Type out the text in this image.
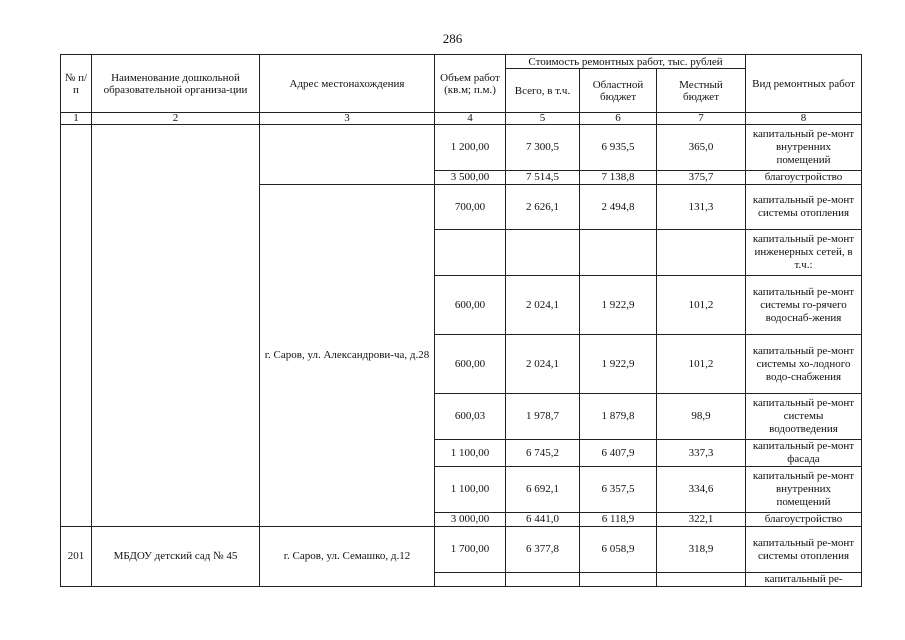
286
№ п/п	Наименование дошкольной образовательной организа-ции	Адрес местонахождения	Объем работ (кв.м; п.м.)	Стоимость ремонтных работ, тыс. рублей			Вид ремонтных работ
				Всего, в т.ч.	Областной бюджет	Местный бюджет	
1	2	3	4	5	6	7	8
			1 200,00	7 300,5	6 935,5	365,0	капитальный ре-монт внутренних помещений
			3 500,00	7 514,5	7 138,8	375,7	благоустройство
		г. Саров, ул. Александрови-ча, д.28	700,00	2 626,1	2 494,8	131,3	капитальный ре-монт системы отопления
							капитальный ре-монт инженерных сетей, в т.ч.:
			600,00	2 024,1	1 922,9	101,2	капитальный ре-монт системы го-рячего водоснаб-жения
			600,00	2 024,1	1 922,9	101,2	капитальный ре-монт системы хо-лодного водо-снабжения
			600,03	1 978,7	1 879,8	98,9	капитальный ре-монт системы водоотведения
			1 100,00	6 745,2	6 407,9	337,3	капитальный ре-монт фасада
			1 100,00	6 692,1	6 357,5	334,6	капитальный ре-монт внутренних помещений
			3 000,00	6 441,0	6 118,9	322,1	благоустройство
201	МБДОУ детский сад № 45	г. Саров, ул. Семашко, д.12	1 700,00	6 377,8	6 058,9	318,9	капитальный ре-монт системы отопления
							капитальный ре-
